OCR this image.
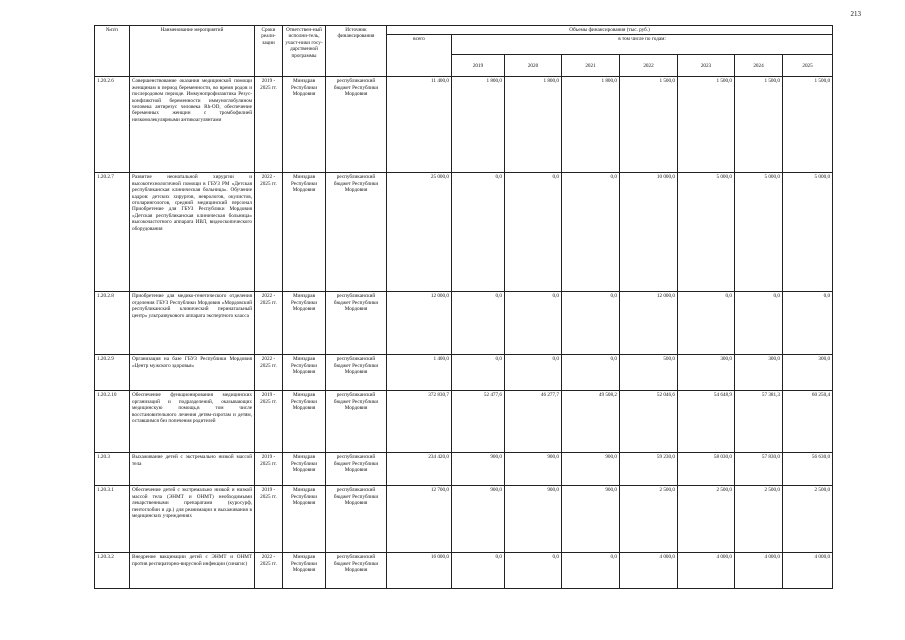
213
№п/п	Наименование мероприятий	Сроки реали-зации	Ответствен-ный исполни-тель, участ-ники госу-дарственной программы	Источник финансирования	Объемы финансирования (тыс. руб.)							
					всего	в том числе по годам:						
						2019	2020	2021	2022	2023	2024	2025
1.20.2.6	Совершенствование оказания медицинской помощи женщинам в период беременности, во время родов и послеродовом периоде. Иммунопрофилактика Резус-конфликтной беременности иммуноглобулином человека антирезус человека Rh-OD, обеспечение беременных женщин с тромбофилией низкомолекулярными антикоагулянтами	2019 - 2025 гг.	Минздрав Республики Мордовия	республиканский бюджет Республики Мордовия	11 400,0	1 800,0	1 800,0	1 800,0	1 500,0	1 500,0	1 500,0	1 500,0
1.20.2.7	Развитие неонатальной хирургии и высокотехнологичной помощи в ГБУЗ РМ «Детская республиканская клиническая больница». Обучение кадров: детских хирургов, неврологов, окулистов, отоларингологов, средний медицинский персонал Приобретение для ГБУЗ Республики Мордовия «Детская республиканская клиническая больница» высокочастотного аппарата ИВЛ, видеоскопического оборудования	2022 - 2025 гг.	Минздрав Республики Мордовия	республиканский бюджет Республики Мордовия	25 000,0	0,0	0,0	0,0	10 000,0	5 000,0	5 000,0	5 000,0
1.20.2.8	Приобретение для медико-генетического отделения отделения ГБУЗ Республики Мордовия «Мордовский республиканский клинический перинатальный центр» ультразвукового аппарата экспертного класса	2022 - 2025 гг.	Минздрав Республики Мордовия	республиканский бюджет Республики Мордовия	12 000,0	0,0	0,0	0,0	12 000,0	0,0	0,0	0,0
1.20.2.9	Организация на базе ГБУЗ Республики Мордовия «Центр мужского здоровья»	2022 - 2025 гг.	Минздрав Республики Мордовия	республиканский бюджет Республики Мордовия	1 400,0	0,0	0,0	0,0	500,0	300,0	300,0	300,0
1.20.2.10	Обеспечение функционирования медицинских организаций и подразделений, оказывающих медицинскую помощь,в том числе восстановительного лечения детям-сиротам и детям, оставшимся без попечения родителей	2019 - 2025 гг.	Минздрав Республики Мордовия	республиканский бюджет Республики Мордовия	372 830,7	52 477,6	46 277,7	49 508,2	52 046,6	54 648,9	57 381,3	60 250,4
1.20.3	Выхаживание детей с экстремально низкой массой тела	2019 - 2025 гг.	Минздрав Республики Мордовия	республиканский бюджет Республики Мордовия	234 420,0	900,0	900,0	900,0	59 230,0	58 030,0	57 830,0	56 630,0
1.20.3.1	Обеспечение детей с экстремально низкой и низкой массой тела (ЭНМТ и ОНМТ) необходимыми лекарственными препаратами (куросурф, пентоглобин и др.) для реанимации и выхаживания в медицинских учреждениях	2019 - 2025 гг.	Минздрав Республики Мордовия	республиканский бюджет Республики Мордовия	12 700,0	900,0	900,0	900,0	2 500,0	2 500,0	2 500,0	2 500,0
1.20.3.2	Внедрение вакцинации детей с ЭНМТ и ОНМТ против респираторно-вирусной инфекции (синагис)	2022 - 2025 гг.	Минздрав Республики Мордовия	республиканский бюджет Республики Мордовия	16 000,0	0,0	0,0	0,0	4 000,0	4 000,0	4 000,0	4 000,0
